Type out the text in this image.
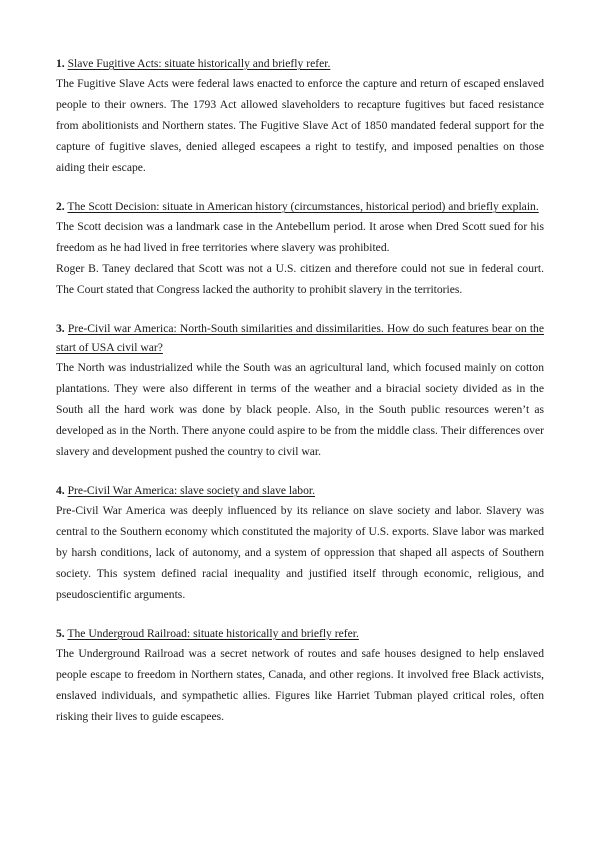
1. Slave Fugitive Acts: situate historically and briefly refer.

The Fugitive Slave Acts were federal laws enacted to enforce the capture and return of escaped enslaved people to their owners. The 1793 Act allowed slaveholders to recapture fugitives but faced resistance from abolitionists and Northern states. The Fugitive Slave Act of 1850 mandated federal support for the capture of fugitive slaves, denied alleged escapees a right to testify, and imposed penalties on those aiding their escape.

2. The Scott Decision: situate in American history (circumstances, historical period) and briefly explain.

The Scott decision was a landmark case in the Antebellum period. It arose when Dred Scott sued for his freedom as he had lived in free territories where slavery was prohibited.

Roger B. Taney declared that Scott was not a U.S. citizen and therefore could not sue in federal court. The Court stated that Congress lacked the authority to prohibit slavery in the territories.

3. Pre-Civil war America: North-South similarities and dissimilarities. How do such features bear on the start of USA civil war?

The North was industrialized while the South was an agricultural land, which focused mainly on cotton plantations. They were also different in terms of the weather and a biracial society divided as in the South all the hard work was done by black people. Also, in the South public resources weren’t as developed as in the North. There anyone could aspire to be from the middle class. Their differences over slavery and development pushed the country to civil war.

4. Pre-Civil War America: slave society and slave labor.

Pre-Civil War America was deeply influenced by its reliance on slave society and labor. Slavery was central to the Southern economy which constituted the majority of U.S. exports. Slave labor was marked by harsh conditions, lack of autonomy, and a system of oppression that shaped all aspects of Southern society. This system defined racial inequality and justified itself through economic, religious, and pseudoscientific arguments.

5. The Undergroud Railroad: situate historically and briefly refer.

The Underground Railroad was a secret network of routes and safe houses designed to help enslaved people escape to freedom in Northern states, Canada, and other regions. It involved free Black activists, enslaved individuals, and sympathetic allies. Figures like Harriet Tubman played critical roles, often risking their lives to guide escapees.
